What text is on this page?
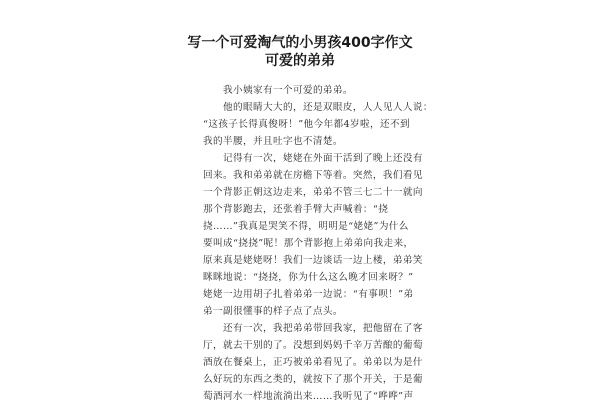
写一个可爱淘气的小男孩400字作文
可爱的弟弟
我小姨家有一个可爱的弟弟。
他的眼睛大大的，还是双眼皮，人人见人人说：
“这孩子长得真俊呀！”他今年都4岁啦，还不到
我的半腰，并且吐字也不清楚。
记得有一次，姥姥在外面干活到了晚上还没有
回来。我和弟弟就在房檐下等着。突然，我们看见
一个背影正朝这边走来，弟弟不管三七二十一就向
那个背影跑去，还张着手臂大声喊着：“挠
挠……”我真是哭笑不得，明明是“姥姥”为什么
要叫成“挠挠”呢！那个背影抱上弟弟向我走来，
原来真是姥姥呀！我们一边谈话一边上楼，弟弟笑
眯眯地说：“挠挠，你为什么这么晚才回来呀？”
姥姥一边用胡子扎着弟弟一边说：“有事呗！”弟
弟一副很懂事的样子点了点头。
还有一次，我把弟弟带回我家，把他留在了客
厅，就去干别的了。没想到妈妈千辛万苦酿的葡萄
酒放在餐桌上，正巧被弟弟看见了。弟弟以为是什
么好玩的东西之类的，就按下了那个开关，于是葡
萄酒河水一样地流淌出来……我听见了“哗哗”声
